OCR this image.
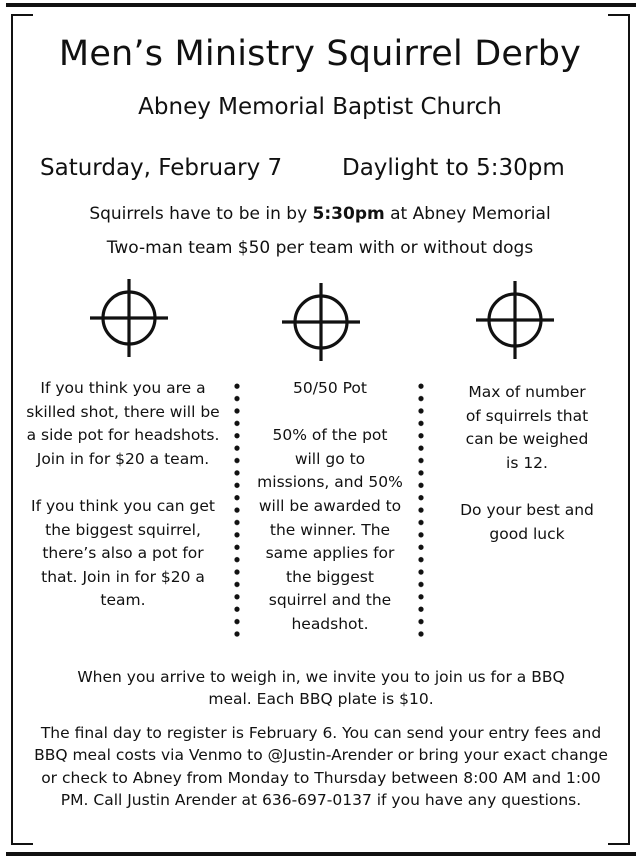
Men’s Ministry Squirrel Derby
Abney Memorial Baptist Church
Saturday, February 7	Daylight to 5:30pm
Squirrels have to be in by 5:30pm at Abney Memorial
Two-man team $50 per team with or without dogs

If you think you are a

skilled shot, there will be

a side pot for headshots.

Join in for $20 a team.

If you think you can get

the biggest squirrel,

there’s also a pot for

that. Join in for $20 a

team.

50/50 Pot

50% of the pot

will go to

missions, and 50%

will be awarded to

the winner. The

same applies for

the biggest

squirrel and the

headshot.

Max of number

of squirrels that

can be weighed

is 12.

Do your best and

good luck

When you arrive to weigh in, we invite you to join us for a BBQ
meal. Each BBQ plate is $10.
The final day to register is February 6. You can send your entry fees and
BBQ meal costs via Venmo to @Justin-Arender or bring your exact change
or check to Abney from Monday to Thursday between 8:00 AM and 1:00
PM. Call Justin Arender at 636-697-0137 if you have any questions.
